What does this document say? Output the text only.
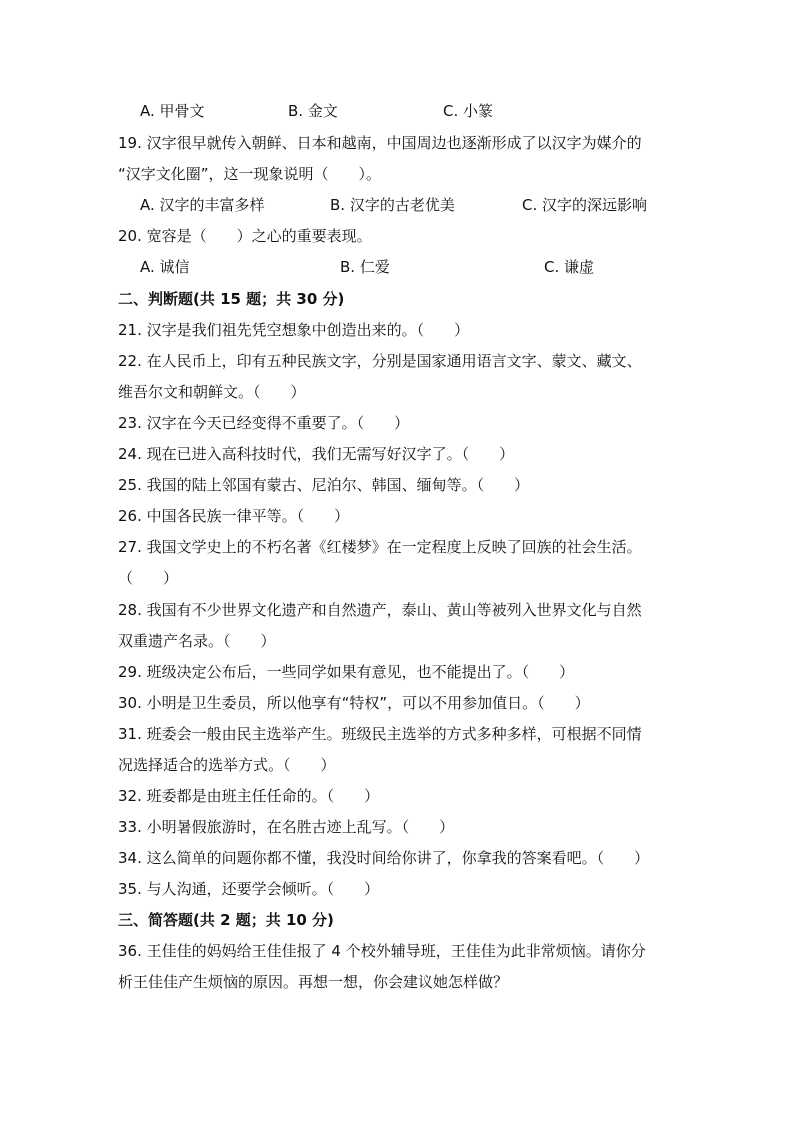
A. 甲骨文	B. 金文	C. 小篆
19. 汉字很早就传入朝鲜、日本和越南，中国周边也逐渐形成了以汉字为媒介的
“汉字文化圈”，这一现象说明（　　）。
A. 汉字的丰富多样	B. 汉字的古老优美	C. 汉字的深远影响
20. 宽容是（　　）之心的重要表现。
A. 诚信	B. 仁爱	C. 谦虚
二、判断题(共 15 题；共 30 分)
21. 汉字是我们祖先凭空想象中创造出来的。（　　）
22. 在人民币上，印有五种民族文字，分别是国家通用语言文字、蒙文、藏文、
维吾尔文和朝鲜文。（　　）
23. 汉字在今天已经变得不重要了。（　　）
24. 现在已进入高科技时代，我们无需写好汉字了。（　　）
25. 我国的陆上邻国有蒙古、尼泊尔、韩国、缅甸等。（　　）
26. 中国各民族一律平等。（　　）
27. 我国文学史上的不朽名著《红楼梦》在一定程度上反映了回族的社会生活。
（　　）
28. 我国有不少世界文化遗产和自然遗产，泰山、黄山等被列入世界文化与自然
双重遗产名录。（　　）
29. 班级决定公布后，一些同学如果有意见，也不能提出了。（　　）
30. 小明是卫生委员，所以他享有“特权”，可以不用参加值日。（　　）
31. 班委会一般由民主选举产生。班级民主选举的方式多种多样，可根据不同情
况选择适合的选举方式。（　　）
32. 班委都是由班主任任命的。（　　）
33. 小明暑假旅游时，在名胜古迹上乱写。（　　）
34. 这么简单的问题你都不懂，我没时间给你讲了，你拿我的答案看吧。（　　）
35. 与人沟通，还要学会倾听。（　　）
三、简答题(共 2 题；共 10 分)
36. 王佳佳的妈妈给王佳佳报了 4 个校外辅导班，王佳佳为此非常烦恼。请你分
析王佳佳产生烦恼的原因。再想一想，你会建议她怎样做？
